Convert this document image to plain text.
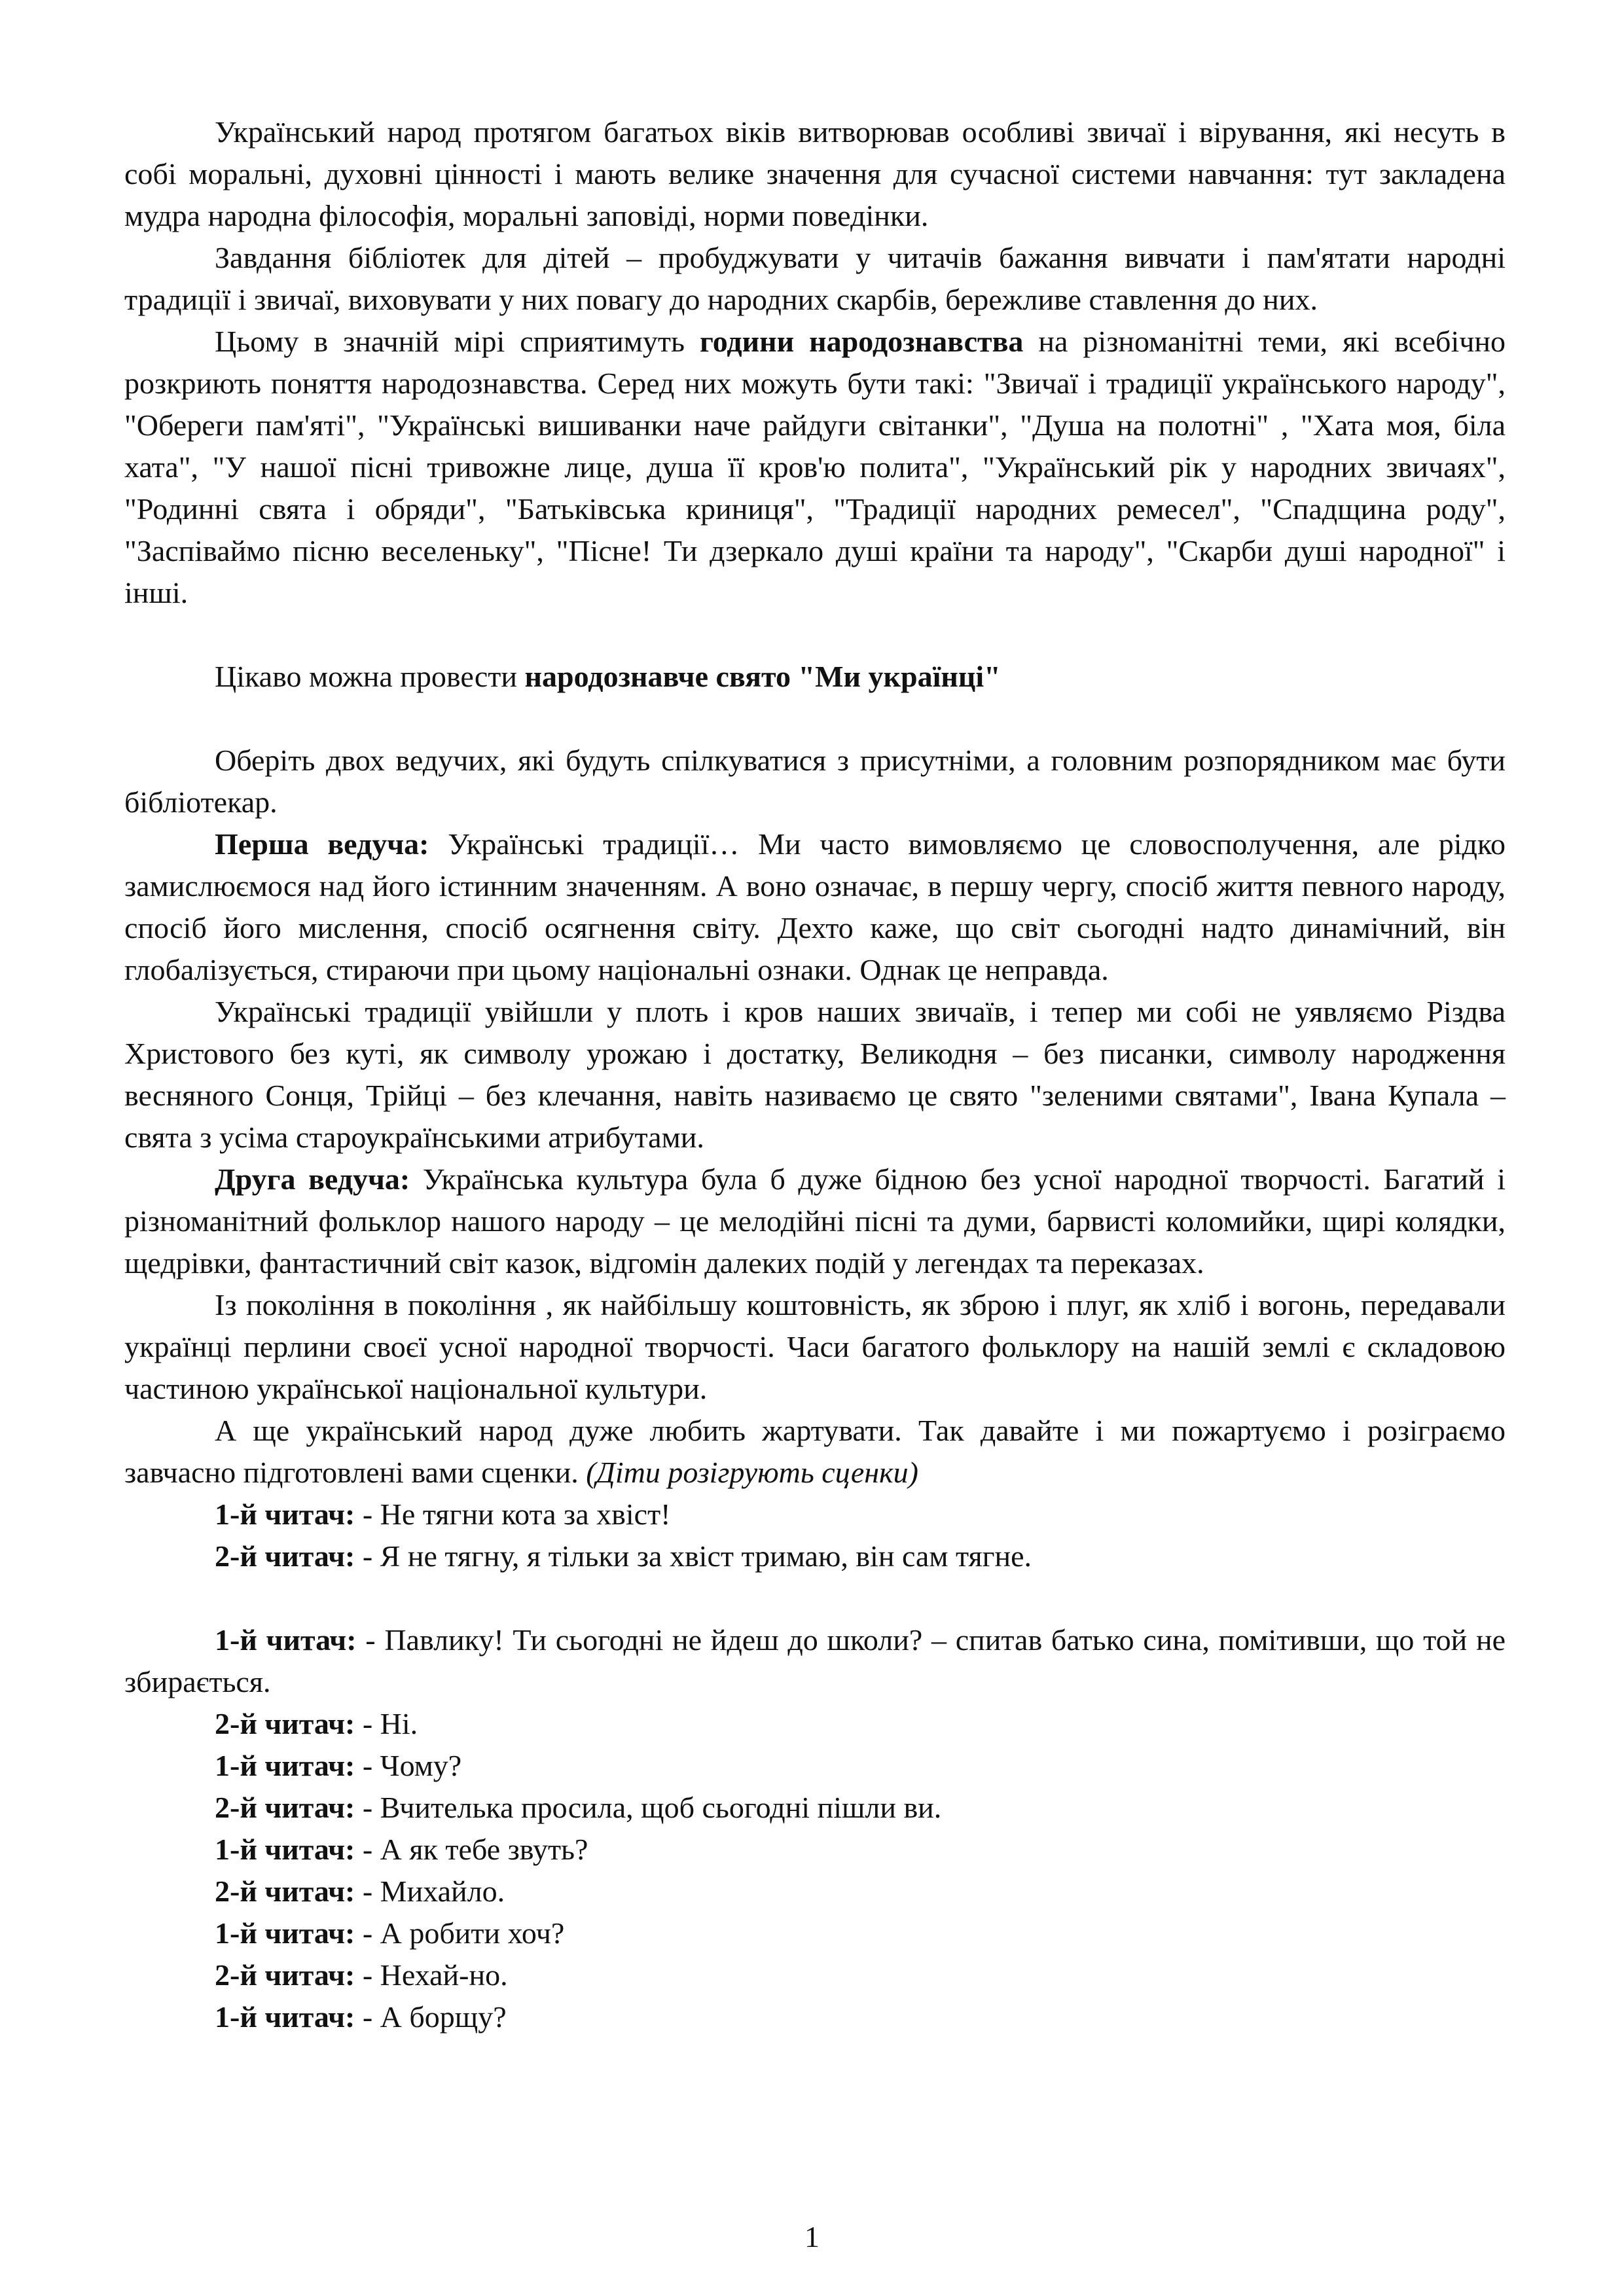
Український народ протягом багатьох віків витворював особливі звичаї і вірування, які несуть в собі моральні, духовні цінності і мають велике значення для сучасної системи навчання: тут закладена мудра народна філософія, моральні заповіді, норми поведінки.

Завдання бібліотек для дітей – пробуджувати у читачів бажання вивчати і пам'ятати народні традиції і звичаї, виховувати у них повагу до народних скарбів, бережливе ставлення до них.

Цьому в значній мірі сприятимуть години народознавства на різноманітні теми, які всебічно розкриють поняття народознавства. Серед них можуть бути такі: "Звичаї і традиції українського народу", "Обереги пам'яті", "Українські вишиванки наче райдуги світанки", "Душа на полотні" , "Хата моя, біла хата", "У нашої пісні тривожне лице, душа її кров'ю полита", "Український рік у народних звичаях", "Родинні свята і обряди", "Батьківська криниця", "Традиції народних ремесел", "Спадщина роду", "Заспіваймо пісню веселеньку", "Пісне! Ти дзеркало душі країни та народу", "Скарби душі народної" і інші.

Цікаво можна провести народознавче свято "Ми українці"

Оберіть двох ведучих, які будуть спілкуватися з присутніми, а головним розпорядником має бути бібліотекар.

Перша ведуча: Українські традиції… Ми часто вимовляємо це словосполучення, але рідко замислюємося над його істинним значенням. А воно означає, в першу чергу, спосіб життя певного народу, спосіб його мислення, спосіб осягнення світу. Дехто каже, що світ сьогодні надто динамічний, він глобалізується, стираючи при цьому національні ознаки. Однак це неправда.

Українські традиції увійшли у плоть і кров наших звичаїв, і тепер ми собі не уявляємо Різдва Христового без куті, як символу урожаю і достатку, Великодня – без писанки, символу народження весняного Сонця, Трійці – без клечання, навіть називаємо це свято "зеленими святами", Івана Купала – свята з усіма староукраїнськими атрибутами.

Друга ведуча: Українська культура була б дуже бідною без усної народної творчості. Багатий і різноманітний фольклор нашого народу – це мелодійні пісні та думи, барвисті коломийки, щирі колядки, щедрівки, фантастичний світ казок, відгомін далеких подій у легендах та переказах.

Із покоління в покоління , як найбільшу коштовність, як зброю і плуг, як хліб і вогонь, передавали українці перлини своєї усної народної творчості. Часи багатого фольклору на нашій землі є складовою частиною української національної культури.

А ще український народ дуже любить жартувати. Так давайте і ми пожартуємо і розіграємо завчасно підготовлені вами сценки. (Діти розігрують сценки)

1-й читач: - Не тягни кота за хвіст!

2-й читач: - Я не тягну, я тільки за хвіст тримаю, він сам тягне.

1-й читач: - Павлику! Ти сьогодні не йдеш до школи? – спитав батько сина, помітивши, що той не збирається.

2-й читач: - Ні.

1-й читач: - Чому?

2-й читач: - Вчителька просила, щоб сьогодні пішли ви.

1-й читач: - А як тебе звуть?

2-й читач: - Михайло.

1-й читач: - А робити хоч?

2-й читач: - Нехай-но.

1-й читач: - А борщу?

1
